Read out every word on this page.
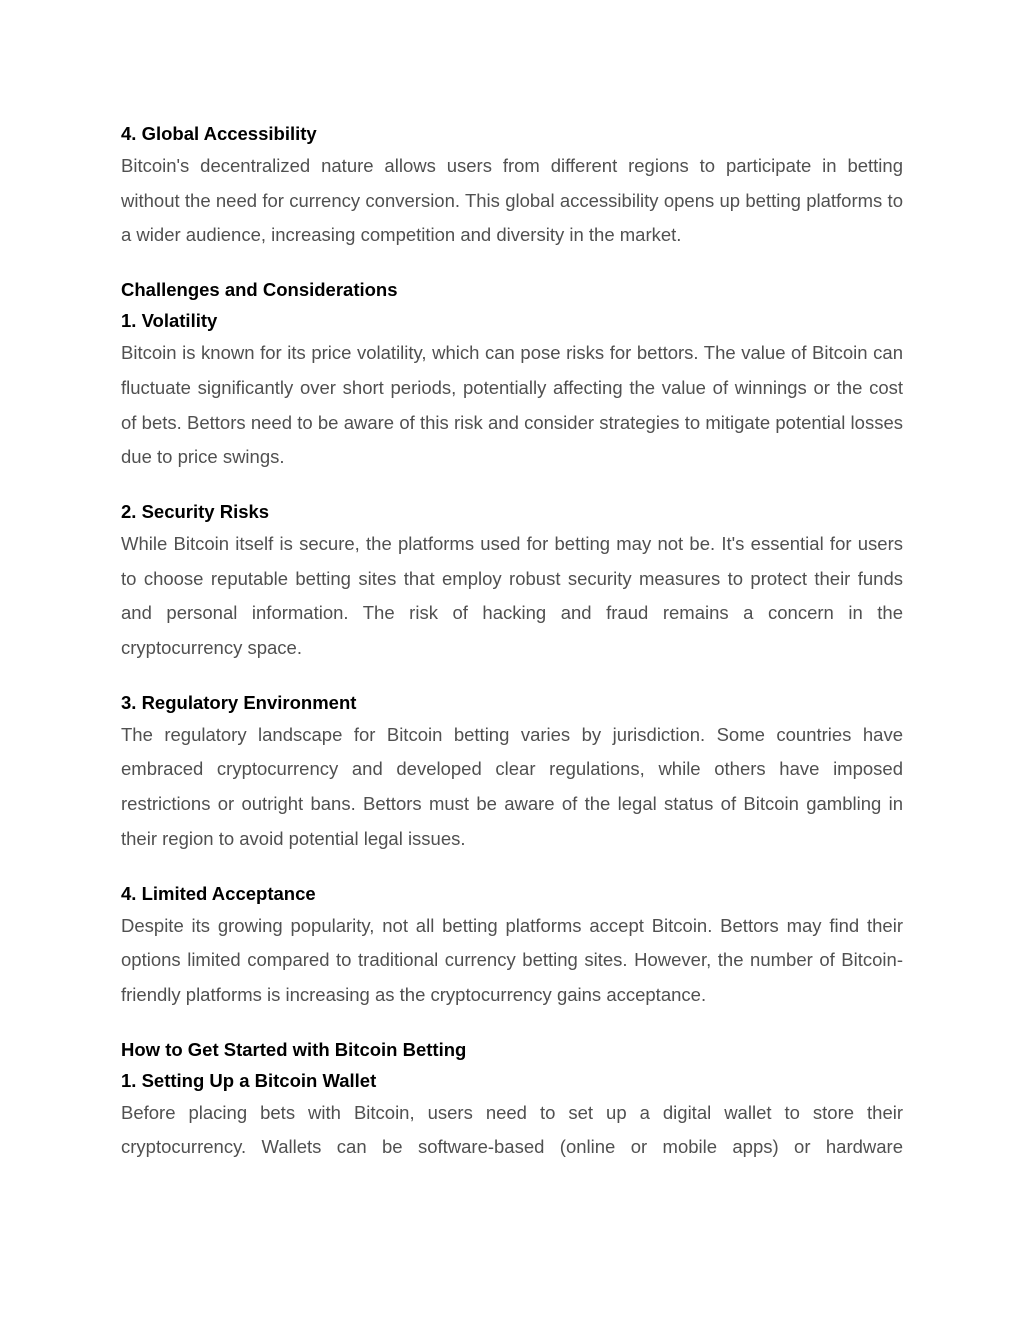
4. Global Accessibility

Bitcoin's decentralized nature allows users from different regions to participate in betting without the need for currency conversion. This global accessibility opens up betting platforms to a wider audience, increasing competition and diversity in the market.

Challenges and Considerations
1. Volatility

Bitcoin is known for its price volatility, which can pose risks for bettors. The value of Bitcoin can fluctuate significantly over short periods, potentially affecting the value of winnings or the cost of bets. Bettors need to be aware of this risk and consider strategies to mitigate potential losses due to price swings.

2. Security Risks

While Bitcoin itself is secure, the platforms used for betting may not be. It's essential for users to choose reputable betting sites that employ robust security measures to protect their funds and personal information. The risk of hacking and fraud remains a concern in the cryptocurrency space.

3. Regulatory Environment

The regulatory landscape for Bitcoin betting varies by jurisdiction. Some countries have embraced cryptocurrency and developed clear regulations, while others have imposed restrictions or outright bans. Bettors must be aware of the legal status of Bitcoin gambling in their region to avoid potential legal issues.

4. Limited Acceptance

Despite its growing popularity, not all betting platforms accept Bitcoin. Bettors may find their options limited compared to traditional currency betting sites. However, the number of Bitcoin-friendly platforms is increasing as the cryptocurrency gains acceptance.

How to Get Started with Bitcoin Betting
1. Setting Up a Bitcoin Wallet

Before placing bets with Bitcoin, users need to set up a digital wallet to store their cryptocurrency. Wallets can be software-based (online or mobile apps) or hardware
